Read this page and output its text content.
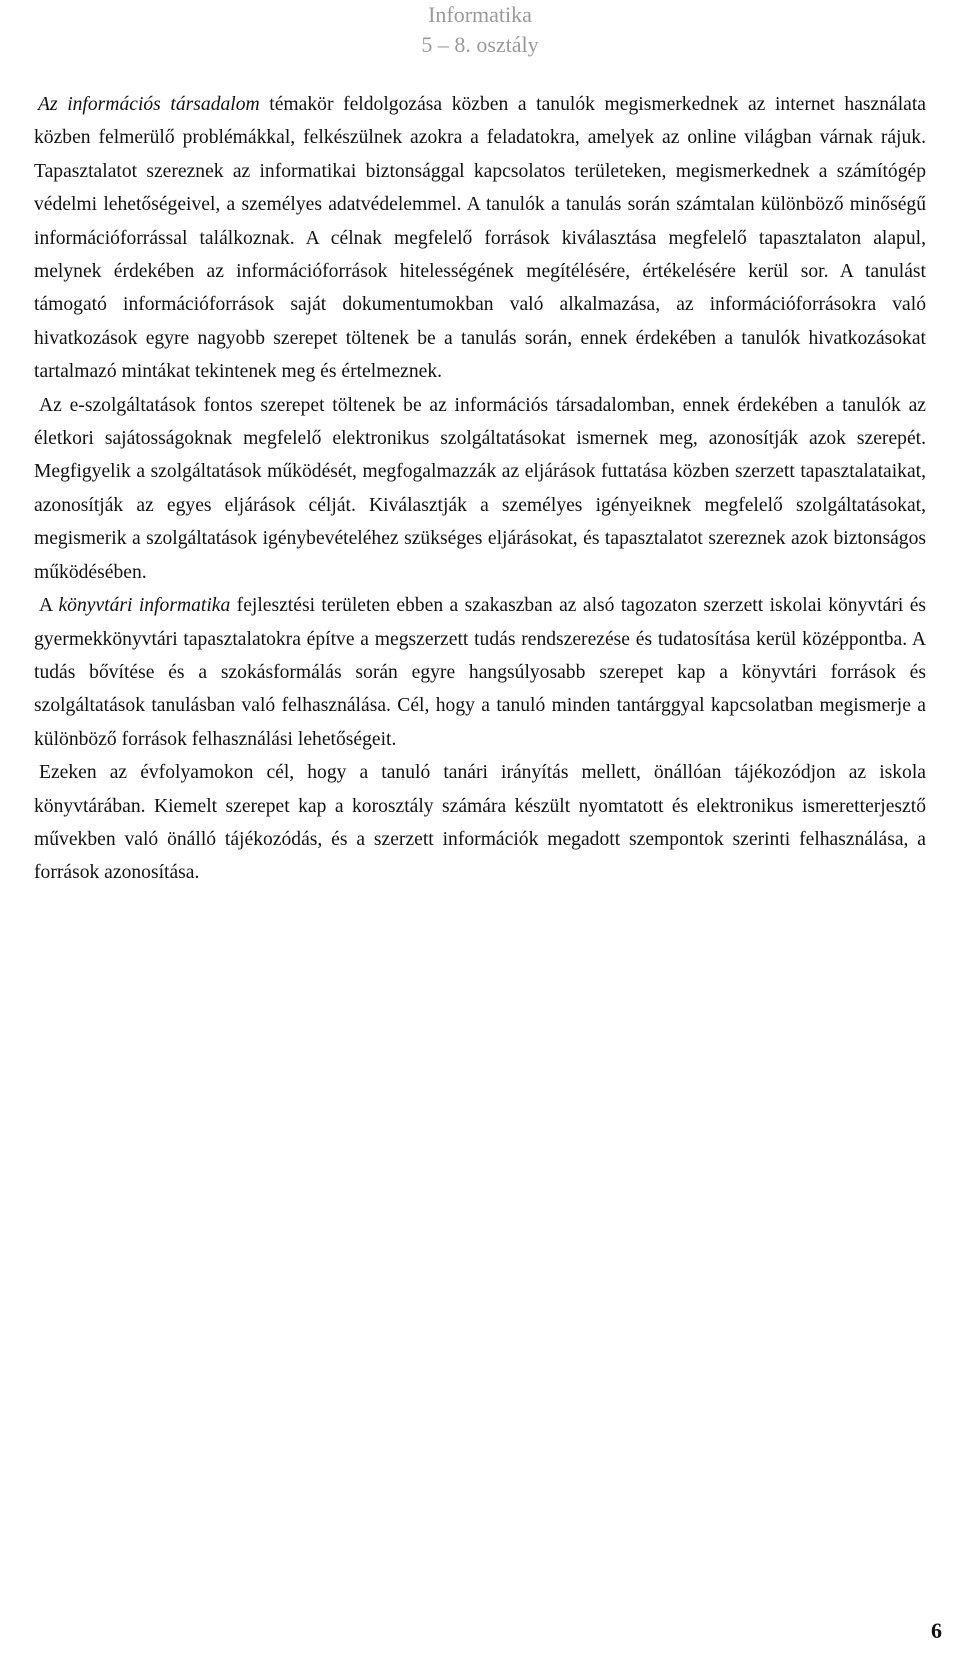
Informatika
5 – 8. osztály

Az információs társadalom témakör feldolgozása közben a tanulók megismerkednek az internet használata közben felmerülő problémákkal, felkészülnek azokra a feladatokra, amelyek az online világban várnak rájuk. Tapasztalatot szereznek az informatikai biztonsággal kapcsolatos területeken, megismerkednek a számítógép védelmi lehetőségeivel, a személyes adatvédelemmel. A tanulók a tanulás során számtalan különböző minőségű információforrással találkoznak. A célnak megfelelő források kiválasztása megfelelő tapasztalaton alapul, melynek érdekében az információforrások hitelességének megítélésére, értékelésére kerül sor. A tanulást támogató információforrások saját dokumentumokban való alkalmazása, az információforrásokra való hivatkozások egyre nagyobb szerepet töltenek be a tanulás során, ennek érdekében a tanulók hivatkozásokat tartalmazó mintákat tekintenek meg és értelmeznek.

Az e-szolgáltatások fontos szerepet töltenek be az információs társadalomban, ennek érdekében a tanulók az életkori sajátosságoknak megfelelő elektronikus szolgáltatásokat ismernek meg, azonosítják azok szerepét. Megfigyelik a szolgáltatások működését, megfogalmazzák az eljárások futtatása közben szerzett tapasztalataikat, azonosítják az egyes eljárások célját. Kiválasztják a személyes igényeiknek megfelelő szolgáltatásokat, megismerik a szolgáltatások igénybevételéhez szükséges eljárásokat, és tapasztalatot szereznek azok biztonságos működésében.

A könyvtári informatika fejlesztési területen ebben a szakaszban az alsó tagozaton szerzett iskolai könyvtári és gyermekkönyvtári tapasztalatokra építve a megszerzett tudás rendszerezése és tudatosítása kerül középpontba. A tudás bővítése és a szokásformálás során egyre hangsúlyosabb szerepet kap a könyvtári források és szolgáltatások tanulásban való felhasználása. Cél, hogy a tanuló minden tantárggyal kapcsolatban megismerje a különböző források felhasználási lehetőségeit.

Ezeken az évfolyamokon cél, hogy a tanuló tanári irányítás mellett, önállóan tájékozódjon az iskola könyvtárában. Kiemelt szerepet kap a korosztály számára készült nyomtatott és elektronikus ismeretterjesztő művekben való önálló tájékozódás, és a szerzett információk megadott szempontok szerinti felhasználása, a források azonosítása.

6
